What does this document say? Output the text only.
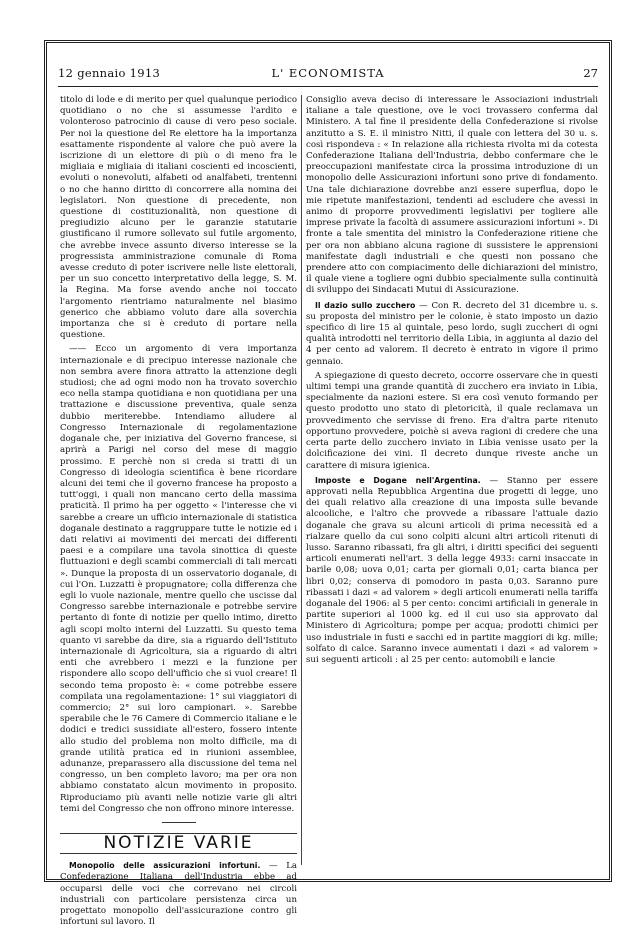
12 gennaio 1913	L' ECONOMISTA	27

titolo di lode e di merito per quel qualunque periodico quotidiano o no che si assumesse l'ardito e volonteroso patrocinio di cause di vero peso sociale. Per noi la questione del Re elettore ha la importanza esattamente rispondente al valore che può avere la iscrizione di un elettore di più o di meno fra le migliaia e migliaia di italiani coscienti ed incoscienti, evoluti o nonevoluti, alfabeti od analfabeti, trentenni o no che hanno diritto di concorrere alla nomina dei legislatori. Non questione di precedente, non questione di costituzionalità, non questione di pregiudizio alcuno per le garanzie statutarie giustificano il rumore sollevato sul futile argomento, che avrebbe invece assunto diverso interesse se la progressista amministrazione comunale di Roma avesse creduto di poter iscrivere nelle liste elettorali, per un suo concetto interpretativo della legge, S. M. la Regina. Ma forse avendo anche noi toccato l'argomento rientriamo naturalmente nel biasimo generico che abbiamo voluto dare alla soverchia importanza che si è creduto di portare nella questione.

—— Ecco un argomento di vera importanza internazionale e di precipuo interesse nazionale che non sembra avere finora attratto la attenzione degli studiosi; che ad ogni modo non ha trovato soverchio eco nella stampa quotidiana e non quotidiana per una trattazione e discussione preventiva, quale senza dubbio meriterebbe. Intendiamo alludere al Congresso Internazionale di regolamentazione doganale che, per iniziativa del Governo francese, si aprirà a Parigi nel corso del mese di maggio prossimo. E perchè non si creda si tratti di un Congresso di ideologia scientifica è bene ricordare alcuni dei temi che il governo francese ha proposto a tutt'oggi, i quali non mancano certo della massima praticità. Il primo ha per oggetto « l'interesse che vi sarebbe a creare un ufficio internazionale di statistica doganale destinato a raggruppare tutte le notizie ed i dati relativi ai movimenti dei mercati dei differenti paesi e a compilare una tavola sinottica di queste fluttuazioni e degli scambi commerciali di tali mercati ». Dunque la proposta di un osservatorio doganale, di cui l'On. Luzzatti è propugnatore; colla differenza che egli lo vuole nazionale, mentre quello che uscisse dal Congresso sarebbe internazionale e potrebbe servire pertanto di fonte di notizie per quello intimo, diretto agli scopi molto interni del Luzzatti. Su questo tema quanto vi sarebbe da dire, sia a riguardo dell'Istituto internazionale di Agricoltura, sia a riguardo di altri enti che avrebbero i mezzi e la funzione per rispondere allo scopo dell'ufficio che si vuol creare! Il secondo tema proposto è: « come potrebbe essere compilata una regolamentazione: 1° sui viaggiatori di commercio; 2° sui loro campionari. ». Sarebbe sperabile che le 76 Camere di Commercio italiane e le dodici e tredici sussidiate all'estero, fossero intente allo studio del problema non molto difficile, ma di grande utilità pratica ed in riunioni assemblee, adunanze, preparassero alla discussione del tema nel congresso, un ben completo lavoro; ma per ora non abbiamo constatato alcun movimento in proposito. Riproduciamo più avanti nelle notizie varie gli altri temi del Congresso che non offrono minore interesse.

NOTIZIE VARIE

Monopolio delle assicurazioni infortuni. — La Confederazione Italiana dell'Industria ebbe ad occuparsi delle voci che correvano nei circoli industriali con particolare persistenza circa un progettato monopolio dell'assicurazione contro gli infortuni sul lavoro. Il

Consiglio aveva deciso di interessare le Associazioni industriali italiane a tale questione, ove le voci trovassero conferma dal Ministero. A tal fine il presidente della Confederazione si rivolse anzitutto a S. E. il ministro Nitti, il quale con lettera del 30 u. s. così rispondeva : « In relazione alla richiesta rivolta mi da cotesta Confederazione Italiana dell'Industria, debbo confermare che le preoccupazioni manifestate circa la prossima introduzione di un monopolio delle Assicurazioni infortuni sono prive di fondamento. Una tale dichiarazione dovrebbe anzi essere superflua, dopo le mie ripetute manifestazioni, tendenti ad escludere che avessi in animo di proporre provvedimenti legislativi per togliere alle imprese private la facoltà di assumere assicurazioni infortuni ». Di fronte a tale smentita del ministro la Confederazione ritiene che per ora non abbiano alcuna ragione di sussistere le apprensioni manifestate dagli industriali e che questi non possano che prendere atto con compiacimento delle dichiarazioni del ministro, il quale viene a togliere ogni dubbio specialmente sulla continuità di sviluppo dei Sindacati Mutui di Assicurazione.

Il dazio sullo zucchero — Con R. decreto del 31 dicembre u. s. su proposta del ministro per le colonie, è stato imposto un dazio specifico di lire 15 al quintale, peso lordo, sugli zuccheri di ogni qualità introdotti nel territorio della Libia, in aggiunta al dazio del 4 per cento ad valorem. Il decreto è entrato in vigore il primo gennaio.

A spiegazione di questo decreto, occorre osservare che in questi ultimi tempi una grande quantità di zucchero era inviato in Libia, specialmente da nazioni estere. Si era così venuto formando per questo prodotto uno stato di pletoricità, il quale reclamava un provvedimento che servisse di freno. Era d'altra parte ritenuto opportuno provvedere, poichè si aveva ragioni di credere che una certa parte dello zucchero inviato in Libia venisse usato per la dolcificazione dei vini. Il decreto dunque riveste anche un carattere di misura igienica.

Imposte e Dogane nell'Argentina. — Stanno per essere approvati nella Repubblica Argentina due progetti di legge, uno dei quali relativo alla creazione di una imposta sulle bevande alcooliche, e l'altro che provvede a ribassare l'attuale dazio doganale che grava su alcuni articoli di prima necessità ed a rialzare quello da cui sono colpiti alcuni altri articoli ritenuti di lusso. Saranno ribassati, fra gli altri, i diritti specifici dei seguenti articoli enumerati nell'art. 3 della legge 4933: carni insaccate in barile 0,08; uova 0,01; carta per giornali 0,01; carta bianca per libri 0,02; conserva di pomodoro in pasta 0,03. Saranno pure ribassati i dazi « ad valorem » degli articoli enumerati nella tariffa doganale del 1906: al 5 per cento: concimi artificiali in generale in partite superiori al 1000 kg. ed il cui uso sia approvato dal Ministero di Agricoltura; pompe per acqua; prodotti chimici per uso industriale in fusti e sacchi ed in partite maggiori di kg. mille; solfato di calce. Saranno invece aumentati i dazi « ad valorem » sui seguenti articoli : al 25 per cento: automobili e lancie
